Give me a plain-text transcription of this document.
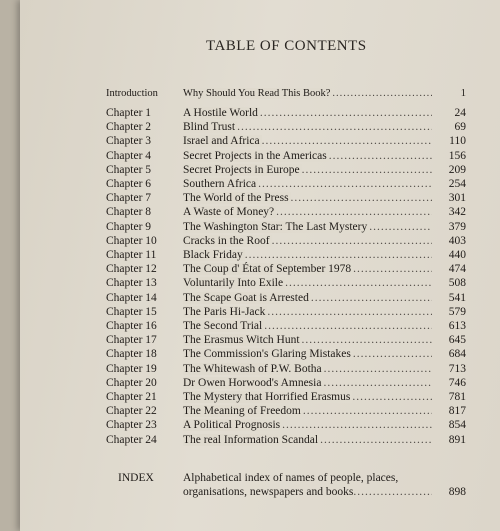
TABLE OF CONTENTS
Introduction	Why Should You Read This Book? .....	1
Chapter 1	A Hostile World .....	24
Chapter 2	Blind Trust .....	69
Chapter 3	Israel and Africa .....	110
Chapter 4	Secret Projects in the Americas .....	156
Chapter 5	Secret Projects in Europe .....	209
Chapter 6	Southern Africa .....	254
Chapter 7	The World of the Press .....	301
Chapter 8	A Waste of Money? .....	342
Chapter 9	The Washington Star: The Last Mystery .....	379
Chapter 10	Cracks in the Roof .....	403
Chapter 11	Black Friday .....	440
Chapter 12	The Coup d' État of September 1978 .....	474
Chapter 13	Voluntarily Into Exile .....	508
Chapter 14	The Scape Goat is Arrested .....	541
Chapter 15	The Paris Hi-Jack .....	579
Chapter 16	The Second Trial .....	613
Chapter 17	The Erasmus Witch Hunt .....	645
Chapter 18	The Commission's Glaring Mistakes .....	684
Chapter 19	The Whitewash of P.W. Botha .....	713
Chapter 20	Dr Owen Horwood's Amnesia .....	746
Chapter 21	The Mystery that Horrified Erasmus .....	781
Chapter 22	The Meaning of Freedom .....	817
Chapter 23	A Political Prognosis .....	854
Chapter 24	The real Information Scandal .....	891
INDEX	Alphabetical index of names of people, places,
organisations, newspapers and books .....	898
